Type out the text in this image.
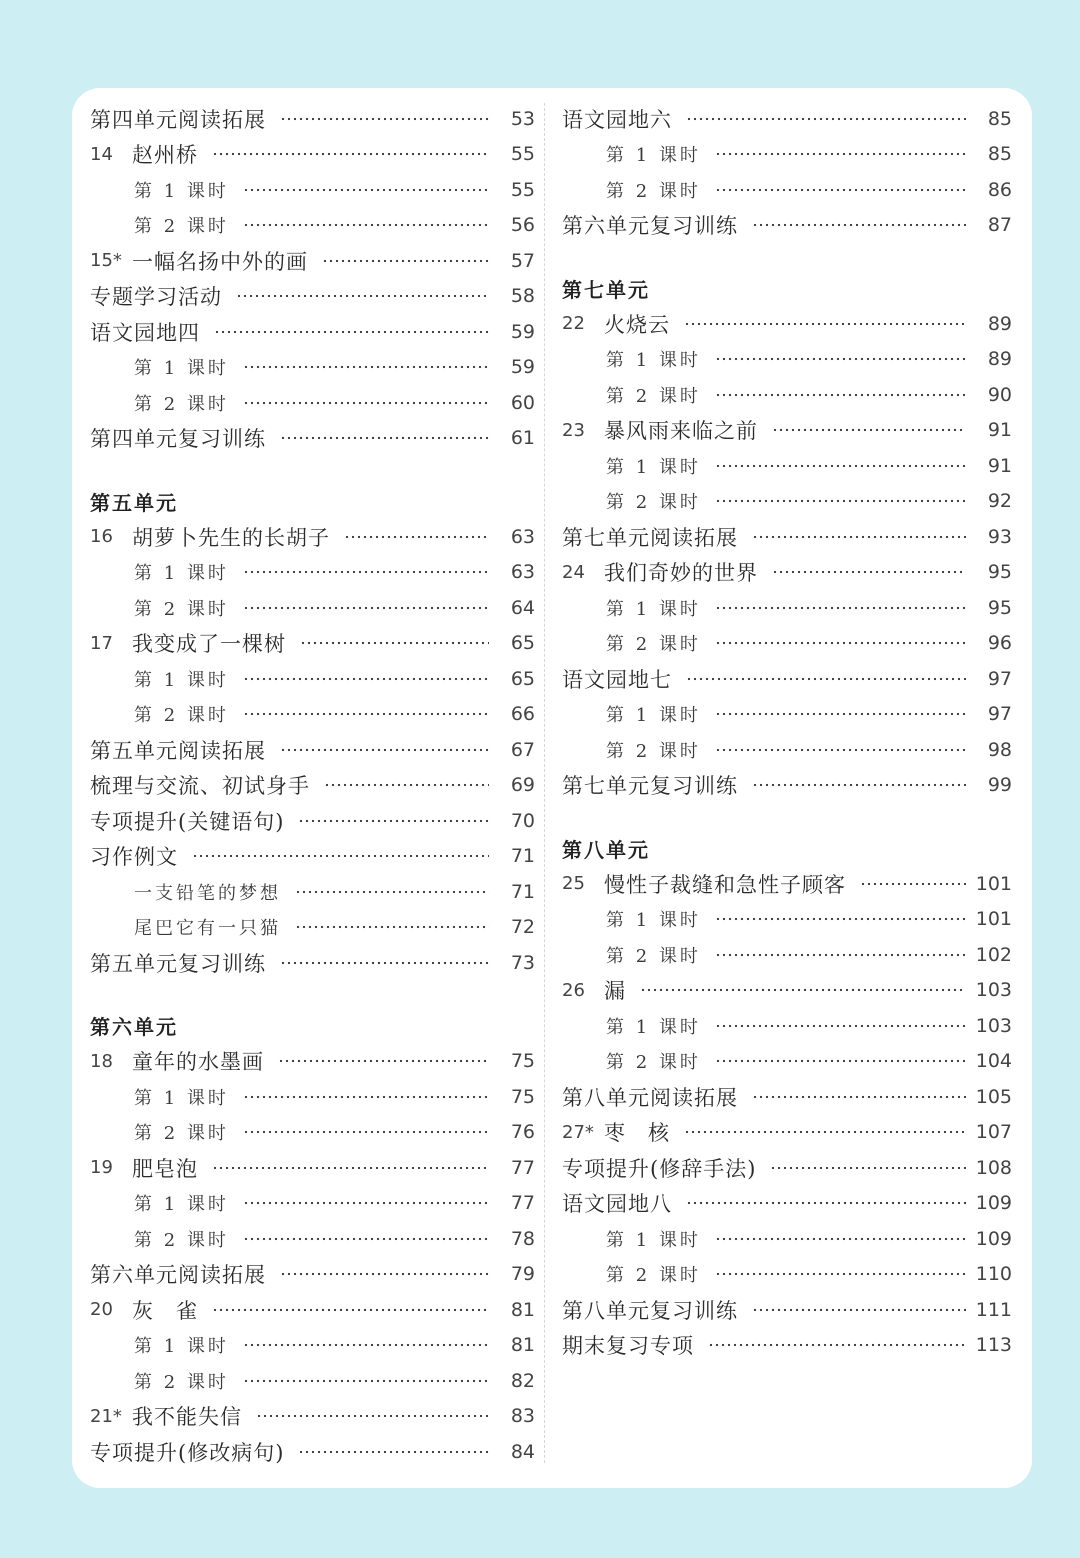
第四单元阅读拓展	53
14 赵州桥	55
第 1 课时	55
第 2 课时	56
15* 一幅名扬中外的画	57
专题学习活动	58
语文园地四	59
第 1 课时	59
第 2 课时	60
第四单元复习训练	61
第五单元
16 胡萝卜先生的长胡子	63
第 1 课时	63
第 2 课时	64
17 我变成了一棵树	65
第 1 课时	65
第 2 课时	66
第五单元阅读拓展	67
梳理与交流、初试身手	69
专项提升(关键语句)	70
习作例文	71
一支铅笔的梦想	71
尾巴它有一只猫	72
第五单元复习训练	73
第六单元
18 童年的水墨画	75
第 1 课时	75
第 2 课时	76
19 肥皂泡	77
第 1 课时	77
第 2 课时	78
第六单元阅读拓展	79
20 灰　雀	81
第 1 课时	81
第 2 课时	82
21* 我不能失信	83
专项提升(修改病句)	84
语文园地六	85
第 1 课时	85
第 2 课时	86
第六单元复习训练	87
第七单元
22 火烧云	89
第 1 课时	89
第 2 课时	90
23 暴风雨来临之前	91
第 1 课时	91
第 2 课时	92
第七单元阅读拓展	93
24 我们奇妙的世界	95
第 1 课时	95
第 2 课时	96
语文园地七	97
第 1 课时	97
第 2 课时	98
第七单元复习训练	99
第八单元
25 慢性子裁缝和急性子顾客	101
第 1 课时	101
第 2 课时	102
26 漏	103
第 1 课时	103
第 2 课时	104
第八单元阅读拓展	105
27* 枣　核	107
专项提升(修辞手法)	108
语文园地八	109
第 1 课时	109
第 2 课时	110
第八单元复习训练	111
期末复习专项	113
